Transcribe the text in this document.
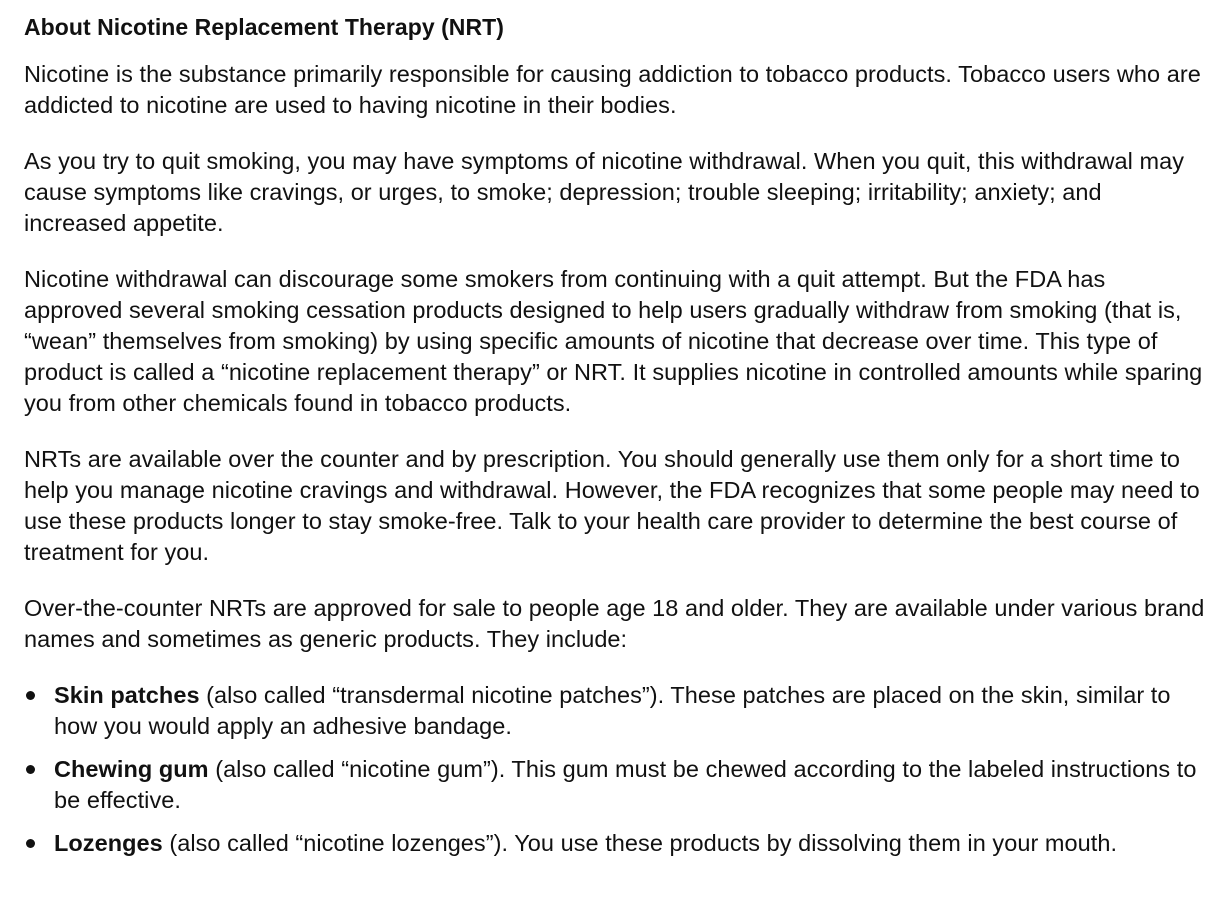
About Nicotine Replacement Therapy (NRT)

Nicotine is the substance primarily responsible for causing addiction to tobacco products. Tobacco users who are addicted to nicotine are used to having nicotine in their bodies.

As you try to quit smoking, you may have symptoms of nicotine withdrawal. When you quit, this withdrawal may cause symptoms like cravings, or urges, to smoke; depression; trouble sleeping; irritability; anxiety; and increased appetite.

Nicotine withdrawal can discourage some smokers from continuing with a quit attempt. But the FDA has approved several smoking cessation products designed to help users gradually withdraw from smoking (that is, “wean” themselves from smoking) by using specific amounts of nicotine that decrease over time. This type of product is called a “nicotine replacement therapy” or NRT. It supplies nicotine in controlled amounts while sparing you from other chemicals found in tobacco products.

NRTs are available over the counter and by prescription. You should generally use them only for a short time to help you manage nicotine cravings and withdrawal. However, the FDA recognizes that some people may need to use these products longer to stay smoke-free. Talk to your health care provider to determine the best course of treatment for you.

Over-the-counter NRTs are approved for sale to people age 18 and older. They are available under various brand names and sometimes as generic products. They include:

Skin patches (also called “transdermal nicotine patches”). These patches are placed on the skin, similar to how you would apply an adhesive bandage.
Chewing gum (also called “nicotine gum”). This gum must be chewed according to the labeled instructions to be effective.
Lozenges (also called “nicotine lozenges”). You use these products by dissolving them in your mouth.
